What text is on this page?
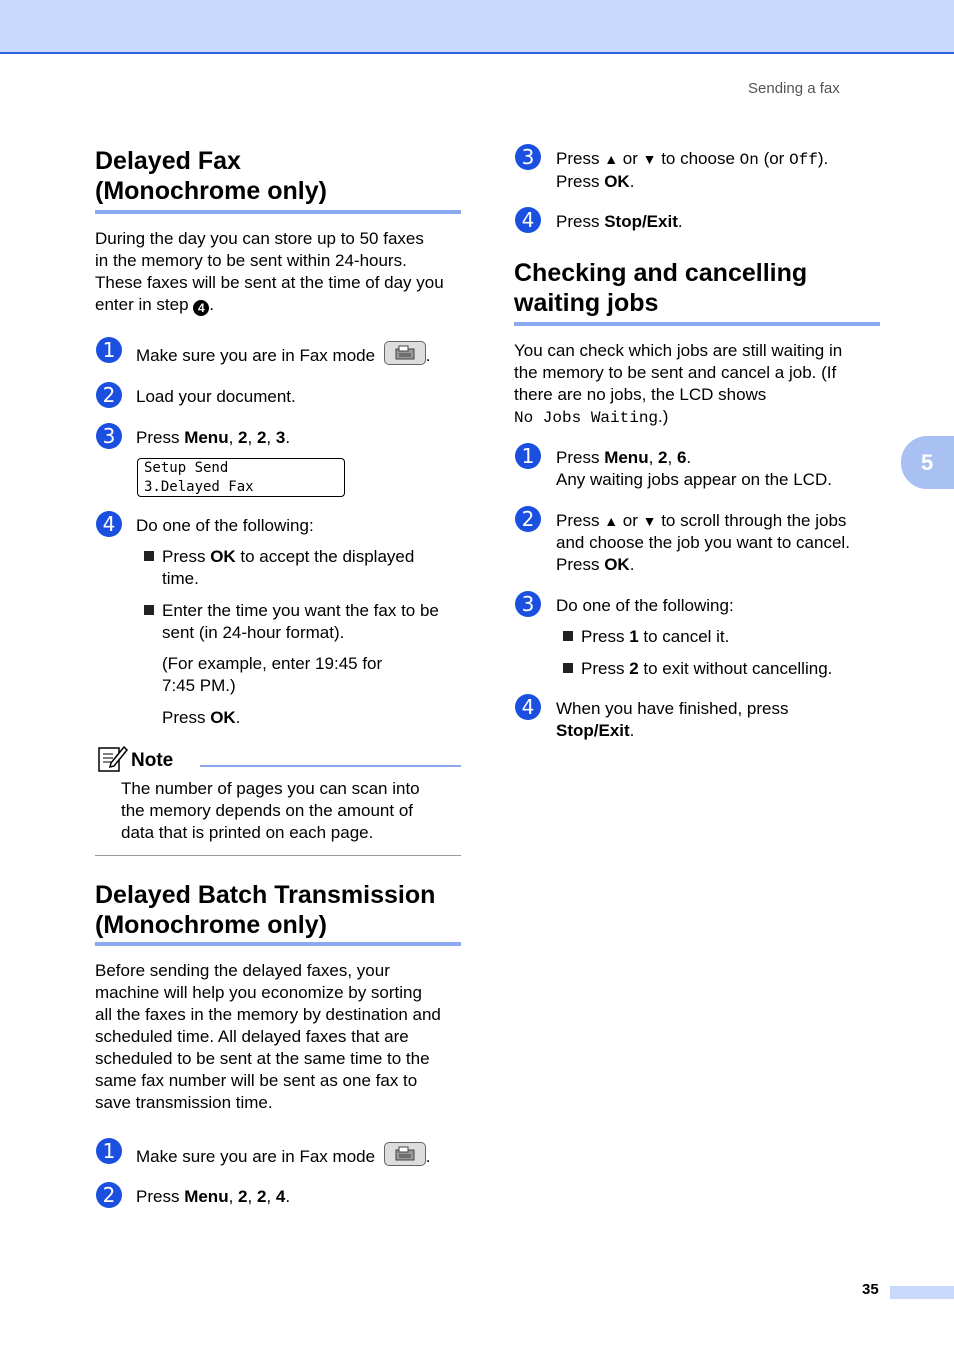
Sending a fax
5
Delayed Fax
(Monochrome only)
During the day you can store up to 50 faxes
in the memory to be sent within 24-hours.
These faxes will be sent at the time of day you
enter in step 4 .
1	Make sure you are in Fax mode	.
2	Load your document.
3	Press Menu, 2, 2, 3.
Setup Send
3.Delayed Fax
4	Do one of the following:
Press OK to accept the displayed
time.
Enter the time you want the fax to be
sent (in 24-hour format).
(For example, enter 19:45 for
7:45 PM.)
Press OK.
Note
The number of pages you can scan into
the memory depends on the amount of
data that is printed on each page.
Delayed Batch Transmission
(Monochrome only)
Before sending the delayed faxes, your
machine will help you economize by sorting
all the faxes in the memory by destination and
scheduled time. All delayed faxes that are
scheduled to be sent at the same time to the
same fax number will be sent as one fax to
save transmission time.
1	Make sure you are in Fax mode	.
2	Press Menu, 2, 2, 4.
3	Press ▲ or ▼ to choose On (or Off).
Press OK.
4	Press Stop/Exit.
Checking and cancelling
waiting jobs
You can check which jobs are still waiting in
the memory to be sent and cancel a job. (If
there are no jobs, the LCD shows
No Jobs Waiting.)
1	Press Menu, 2, 6.
Any waiting jobs appear on the LCD.
2	Press ▲ or ▼ to scroll through the jobs
and choose the job you want to cancel.
Press OK.
3	Do one of the following:
Press 1 to cancel it.
Press 2 to exit without cancelling.
4	When you have finished, press
Stop/Exit.
35
